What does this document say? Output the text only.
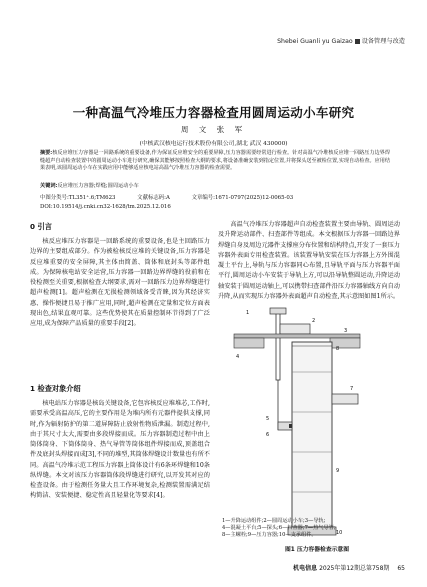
Shebei Guanli yu Gaizao 设备管理与改造
一种高温气冷堆压力容器检查用圆周运动小车研究
周 文 张 军
(中核武汉核电运行技术股份有限公司,湖北 武汉 430000)
摘要:核反应堆压力容器是一回路系统的重要设备,作为保证反应堆安全的重要屏障,压力容器需要经常进行检查。针对高温气冷堆核反应堆一回路压力边界焊缝超声自动检查装置中的圆周运动小车进行研究,确保其能够按照检查大纲的要求,将设备准确安装到指定位置,并将探头送至被检位置,实现自动检查。应用结果表明,该圆周运动小车在实践应用中能够适应核电站高温气冷堆压力容器的检查需要。
关键词:反应堆压力容器;焊缝;圆周运动小车
中图分类号:TL351⁺.6;TM623	文献标志码:A	文章编号:1671-0797(2025)12-0065-03
DOI:10.19514/j.cnki.cn32-1628/tm.2025.12.016
0 引言

核反应堆压力容器是一回路系统的重要设备,也是主回路压力边界的主要组成部分。作为被检核反应堆的关键设备,压力容器是反应堆重要的安全屏障,其主体由简盖、筒体和底封头等部件组成。为保障核电站安全运营,压力容器一回路边界焊缝的役前和在役检测至关重要,根据检查大纲要求,需对一回路压力边界焊缝进行超声检测[1]。超声检测在无损检测领域备受青睐,因为其经济实惠、操作便捷且易于推广应用,同时,超声检测在定量和定位方面表现出色,结果直观可靠。这些优势使其在质量控制环节得到了广泛应用,成为保障产品质量的重要手段[2]。

1 检查对象介绍

核电站压力容器是核岛关键设备,它包容核反应堆堆芯,工作时,需要承受高温高压,它的主要作用是为堆内所有元器件提供支撑,同时,作为辐射防护的第二道屏障防止放射性物质泄漏。制造过程中,由于其尺寸太大,需要由多段焊接而成。压力容器制造过程中由上筒体筒身、下筒体筒身、热气导管等筒体组件焊接而成,顶盖组合件及底封头焊接而成[3],不同的堆型,其筒体焊缝设计数量也有所不同。高温气冷堆示范工程压力容器上筒体设计有6条环焊缝和10条纵焊缝。本文对该压力容器筒体段焊缝进行研究,以开发其对应的检查设备。由于检测任务量大且工作环境复杂,检测装置需满足结构简洁、安装便捷、稳定性高且轻量化等要求[4]。

高温气冷堆压力容器超声自动检查装置主要由导轨、圆周运动及升降运动部件、扫查部件等组成。本文根据压力容器一回路边界焊缝自身及周边元器件支撑座分布位置和结构特点,开发了一套压力容器外表面专用检查装置。该装置导轨安装在压力容器上方外围混凝土平台上,导轨与压力容器同心布置,且导轨平面与压力容器平面平行,圆周运动小车安装于导轨上方,可以沿导轨整圆运动,升降运动轴安装于圆周运动轴上,可以携带扫查部件沿压力容器轴线方向自动升降,从而实现压力容器外表面超声自动检查,其示意图如图1所示。

1
2
3
4
5
6
7
8
9
10
1—升降运动组件;2—圆周运动小车;3—导轨;
4—混凝土平台;5—探头;6—扫查器;7—热气导管;
8—主螺栓;9—压力容器;10—支承组件。
图1 压力容器检查示意图
机电信息 2025年第12期总第758期 65
